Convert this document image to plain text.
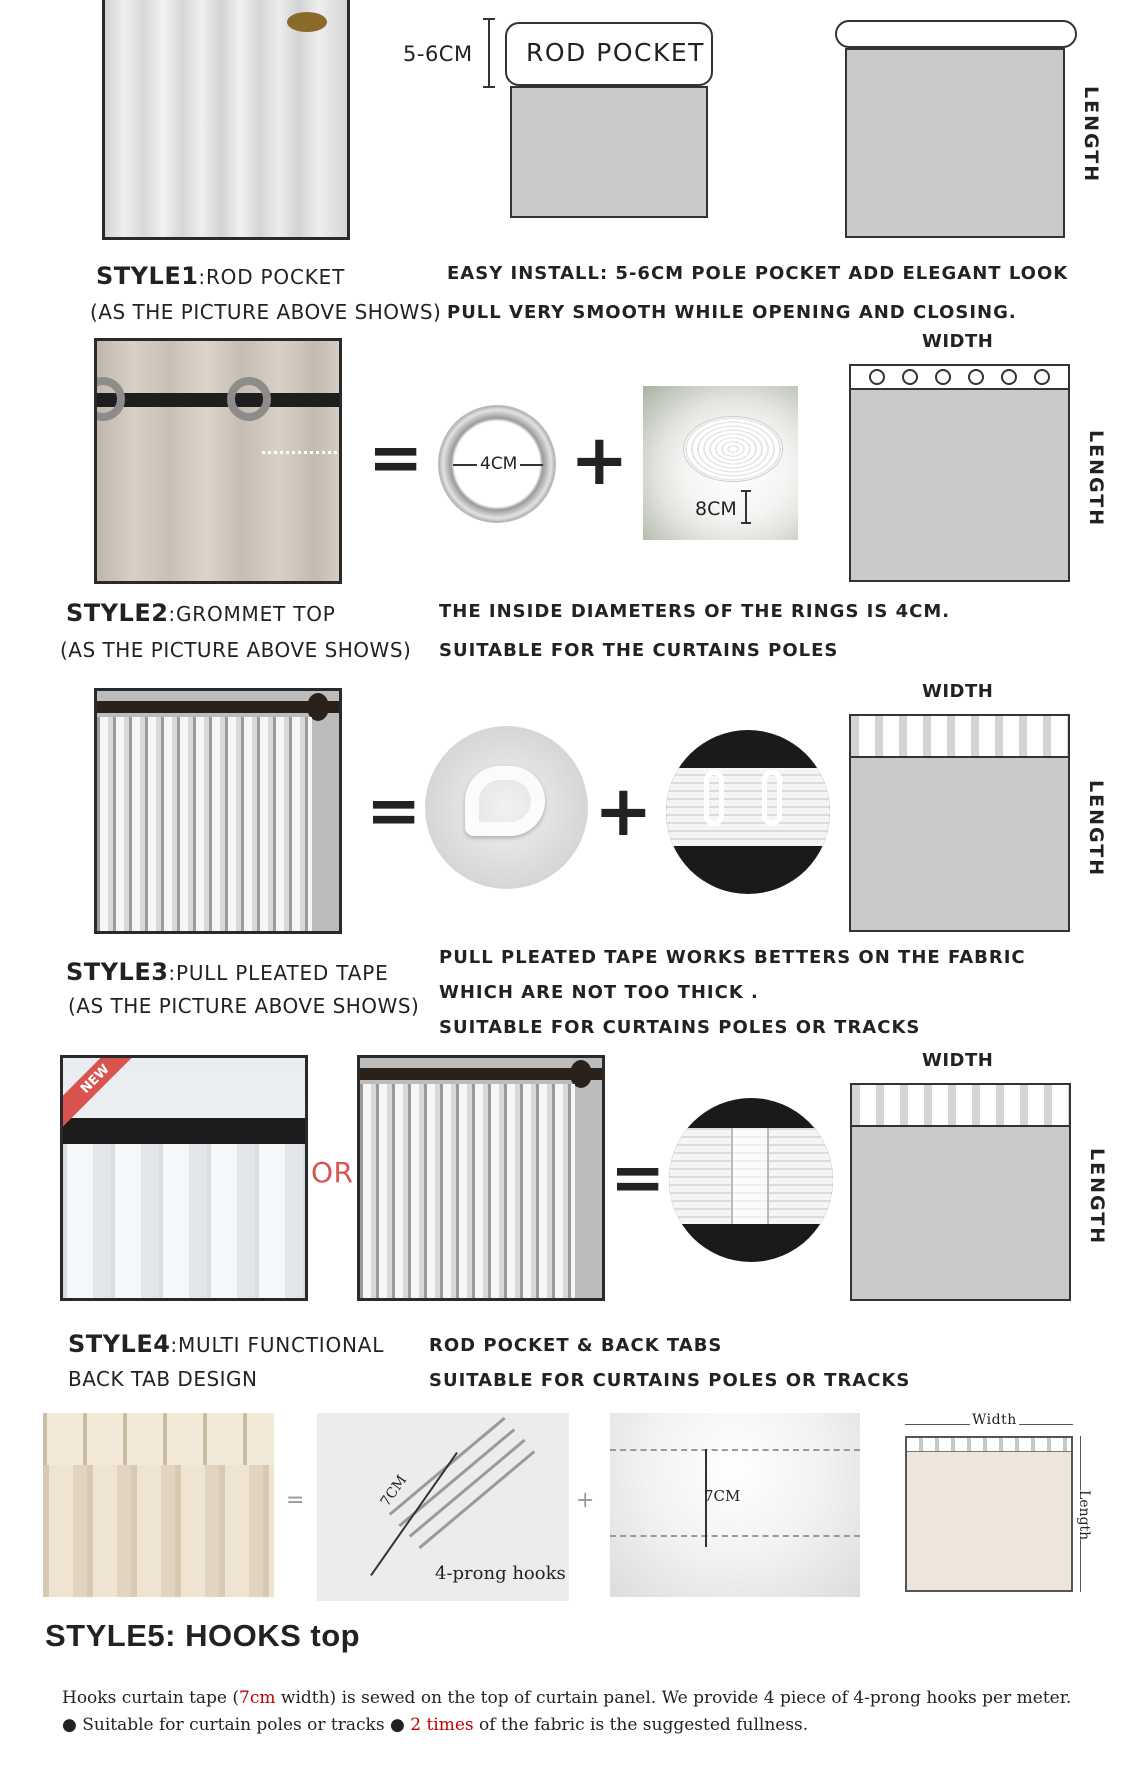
ROD POCKET
5-6CM
LENGTH
STYLE1:ROD POCKET
(AS THE PICTURE ABOVE SHOWS)
EASY INSTALL: 5-6CM POLE POCKET ADD ELEGANT LOOK
PULL VERY SMOOTH WHILE OPENING AND CLOSING.
WIDTH
=	4CM +
8CM	LENGTH
STYLE2:GROMMET TOP
(AS THE PICTURE ABOVE SHOWS)
THE INSIDE DIAMETERS OF THE RINGS IS 4CM.
SUITABLE FOR THE CURTAINS POLES
WIDTH
= +	LENGTH
STYLE3:PULL PLEATED TAPE
(AS THE PICTURE ABOVE SHOWS)
PULL PLEATED TAPE WORKS BETTERS ON THE FABRIC
WHICH ARE NOT TOO THICK .
SUITABLE FOR CURTAINS POLES OR TRACKS
WIDTH
NEW
OR	=	LENGTH
STYLE4:MULTI FUNCTIONAL
BACK TAB DESIGN
ROD POCKET & BACK TABS
SUITABLE FOR CURTAINS POLES OR TRACKS
=	7CM
4-prong hooks
+	7CM
Width
Length
STYLE5: HOOKS top
Hooks curtain tape (7cm width) is sewed on the top of curtain panel. We provide 4 piece of 4-prong hooks per meter.
● Suitable for curtain poles or tracks ● 2 times of the fabric is the suggested fullness.
